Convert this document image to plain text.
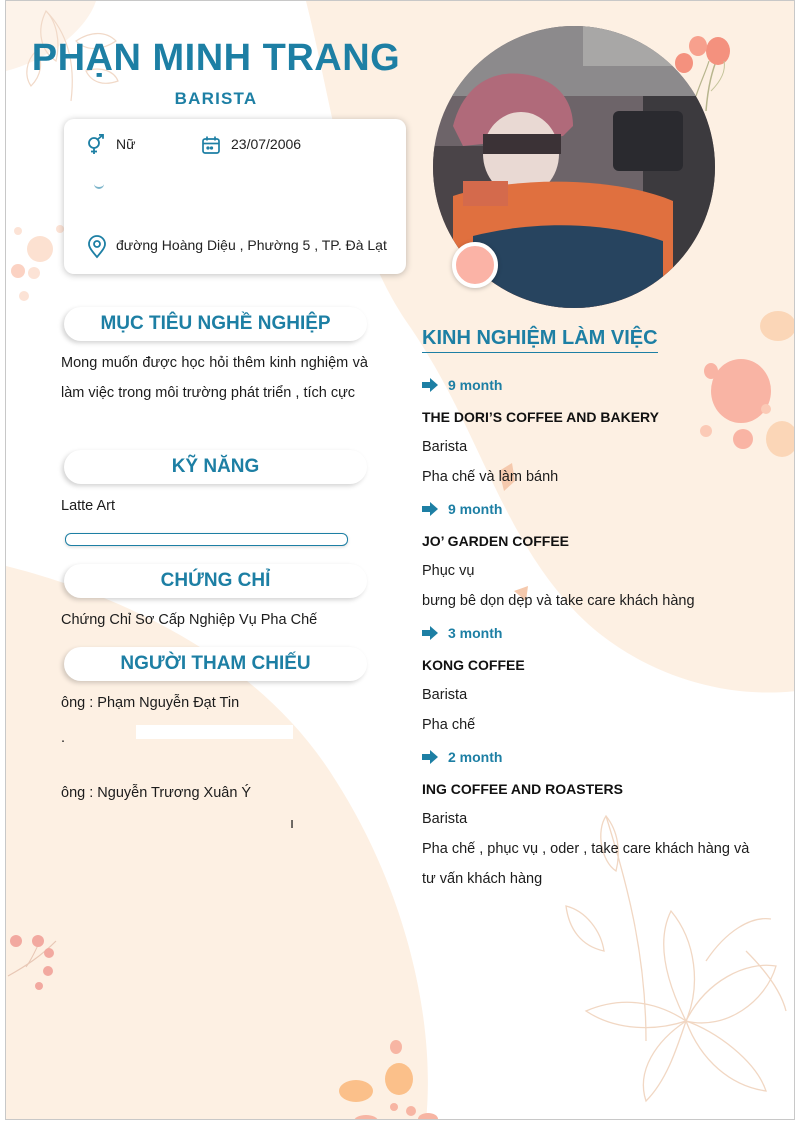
PHẠN MINH TRANG
BARISTA
Nữ	23/07/2006
đường Hoàng Diệu , Phường 5 , TP. Đà Lạt
MỤC TIÊU NGHỀ NGHIỆP
Mong muốn được học hỏi thêm kinh nghiệm và làm việc trong môi trường phát triển , tích cực
KỸ NĂNG
Latte Art
CHỨNG CHỈ
Chứng Chỉ Sơ Cấp Nghiệp Vụ Pha Chế
NGƯỜI THAM CHIẾU
ông : Phạm Nguyễn Đạt Tin
.
ông : Nguyễn Trương Xuân Ý
ı
KINH NGHIỆM LÀM VIỆC
9 month
THE DORI’S COFFEE AND BAKERY
Barista
Pha chế và làm bánh
9 month
JO’ GARDEN COFFEE
Phục vụ
bưng bê dọn dẹp và take care khách hàng
3 month
KONG COFFEE
Barista
Pha chế
2 month
ING COFFEE AND ROASTERS
Barista
Pha chế , phục vụ , oder , take care khách hàng và tư vấn khách hàng
